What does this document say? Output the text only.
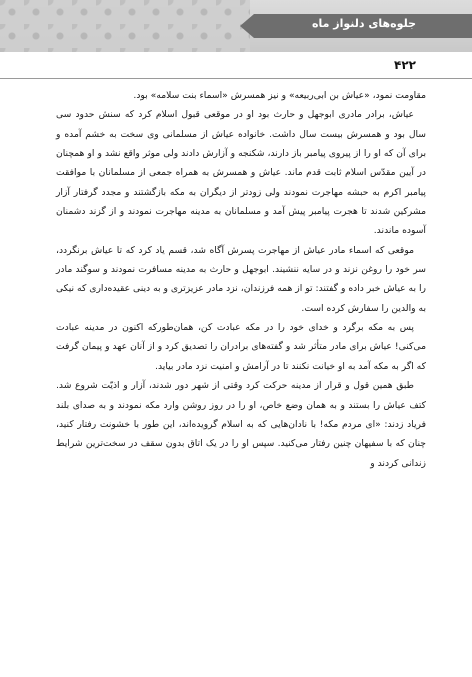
جلوه‌های دلنواز ماه
۴۲۲

مقاومت نمود، «عیاش بن ابی‌ربیعه» و نیز همسرش «اسماء بنت سلامه» بود.

عیاش، برادر مادری ابوجهل و حارث بود او در موقعی قبول اسلام کرد که سنش حدود سی سال بود و همسرش بیست سال داشت. خانواده عیاش از مسلمانی وی سخت به خشم آمده و برای آن که او را از پیروی پیامبر باز دارند، شکنجه و آزارش دادند ولی موثر واقع نشد و او همچنان در آیین مقدّس اسلام ثابت قدم ماند. عیاش و همسرش به همراه جمعی از مسلمانان با موافقت پیامبر اکرم به حبشه مهاجرت نمودند ولی زودتر از دیگران به مکه بازگشتند و مجدد گرفتار آزار مشرکین شدند تا هجرت پیامبر پیش آمد و مسلمانان به مدینه مهاجرت نمودند و از گزند دشمنان آسوده ماندند.

موقعی که اسماء مادر عیاش از مهاجرت پسرش آگاه شد، قسم یاد کرد که تا عیاش برنگردد، سر خود را روغن نزند و در سایه ننشیند. ابوجهل و حارث به مدینه مسافرت نمودند و سوگند مادر را به عیاش خبر داده و گفتند: تو از همه فرزندان، نزد مادر عزیزتری و به دینی عقیده‌داری که نیکی به والدین را سفارش کرده است.

پس به مکه برگرد و خدای خود را در مکه عبادت کن، همان‌طورکه اکنون در مدینه عبادت می‌کنی! عیاش برای مادر متأثر شد و گفته‌های برادران را تصدیق کرد و از آنان عهد و پیمان گرفت که اگر به مکه آمد به او خیانت نکنند تا در آرامش و امنیت نزد مادر بیاید.

طبق همین قول و قرار از مدینه حرکت کرد وقتی از شهر دور شدند، آزار و اذیّت شروع شد. کتف عیاش را بستند و به همان وضع خاص، او را در روز روشن وارد مکه نمودند و به صدای بلند فریاد زدند: «ای مردم مکه! با نادان‌هایی که به اسلام گرویده‌اند، این طور با خشونت رفتار کنید، چنان که با سفیهان چنین رفتار می‌کنید. سپس او را در یک اتاق بدون سقف در سخت‌ترین شرایط زندانی کردند و
